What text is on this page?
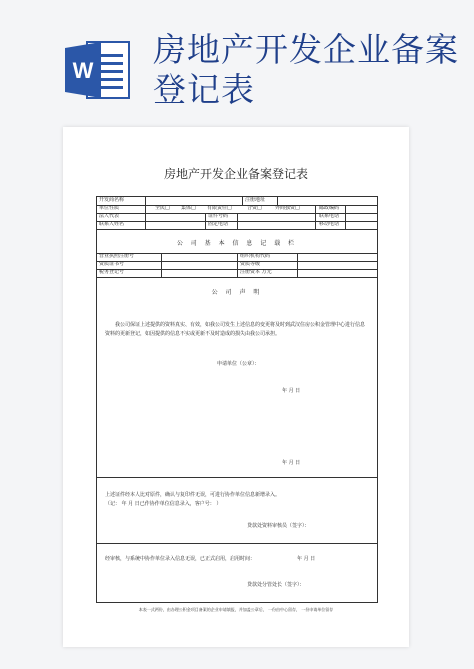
W
房地产开发企业备案登记表
房地产开发企业备案登记表
开发商名称	注册地址
单位性质	全民□ 集体□ 有限责任□	合资□	外商独资□	邮政编码
法人代表	证件号码	联系电话
联系人姓名	固定电话	移动电话
公 司 基 本 信 息 记 载 栏
营业执照注册号	组织机构代码
资质证书号	资质等级
税务登记号	注册资本 万元
公 司 声 明
我公司保证上述提供的资料真实、有效，如我公司发生上述信息的变更将及时到武汉住房公积金管理中心进行信息资料的更新登记，如因提供的信息不实或更新不及时造成的损失由我公司承担。
申请单位（公章）：
年 月 日
上述证件经本人比对原件，确认与复印件无误，可进行协作单位信息新增录入。
（记： 年 月 日已作协作单位信息录入，客户号： ）
贷款处资料审核员（签字）：
年 月 日
经审核，与系统中协作单位录入信息无误，已正式启用，启用时间：	年 月 日
贷款处分管处长（签字）：
本表一式两份，由办理公积金项目备案的企业申请填报，并加盖公章后， 一份由中心留存， 一份申请单位留存
